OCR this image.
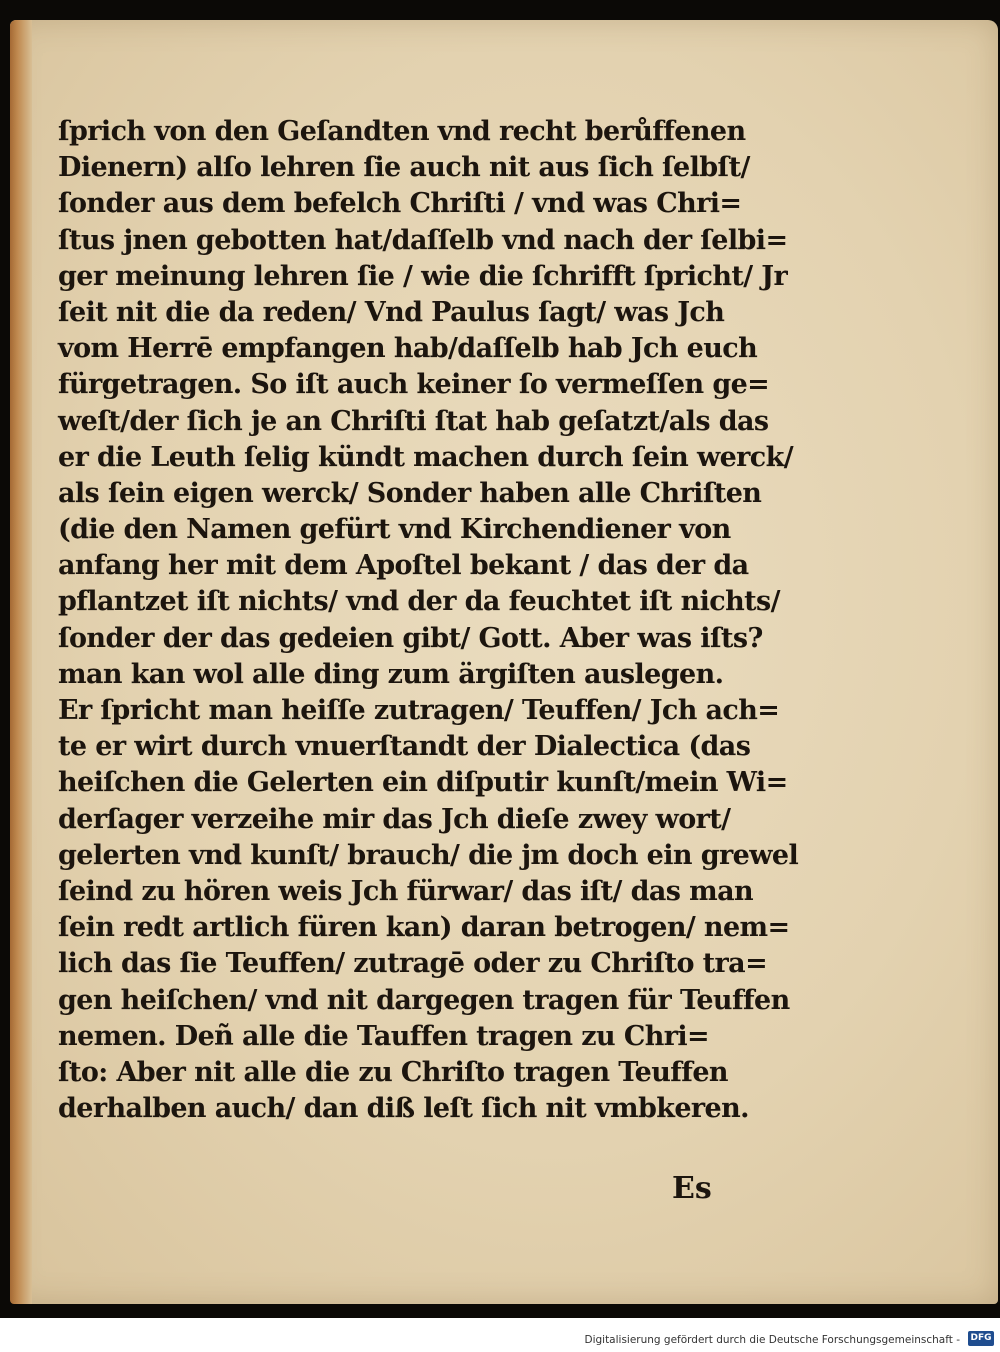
ſprich von den Geſandten vnd recht berůffenen
Dienern) alſo lehren ſie auch nit aus ſich ſelbſt/
ſonder aus dem befelch Chriſti / vnd was Chri=
ſtus jnen gebotten hat/daſſelb vnd nach der ſelbi=
ger meinung lehren ſie / wie die ſchrifft ſpricht/ Jr
ſeit nit die da reden/ Vnd Paulus ſagt/ was Jch
vom Herrē empfangen hab/daſſelb hab Jch euch
fürgetragen. So iſt auch keiner ſo vermeſſen ge=
weſt/der ſich je an Chriſti ſtat hab geſatzt/als das
er die Leuth ſelig kündt machen durch ſein werck/
als ſein eigen werck/ Sonder haben alle Chriſten
(die den Namen gefürt vnd Kirchendiener von
anfang her mit dem Apoſtel bekant / das der da
pflantzet iſt nichts/ vnd der da feuchtet iſt nichts/
ſonder der das gedeien gibt/ Gott. Aber was iſts?
man kan wol alle ding zum ärgiſten auslegen.
Er ſpricht man heiſſe zutragen/ Teuffen/ Jch ach=
te er wirt durch vnuerſtandt der Dialectica (das
heiſchen die Gelerten ein diſputir kunſt/mein Wi=
derſager verzeihe mir das Jch dieſe zwey wort/
gelerten vnd kunſt/ brauch/ die jm doch ein grewel
ſeind zu hören weis Jch fürwar/ das iſt/ das man
ſein redt artlich füren kan) daran betrogen/ nem=
lich das ſie Teuffen/ zutragē oder zu Chriſto tra=
gen heiſchen/ vnd nit dargegen tragen für Teuffen
nemen. Deñ alle die Tauffen tragen zu Chri=
ſto: Aber nit alle die zu Chriſto tragen Teuffen
derhalben auch/ dan diß leſt ſich nit vmbkeren.
Es
Digitalisierung gefördert durch die Deutsche Forschungsgemeinschaft - DFG
